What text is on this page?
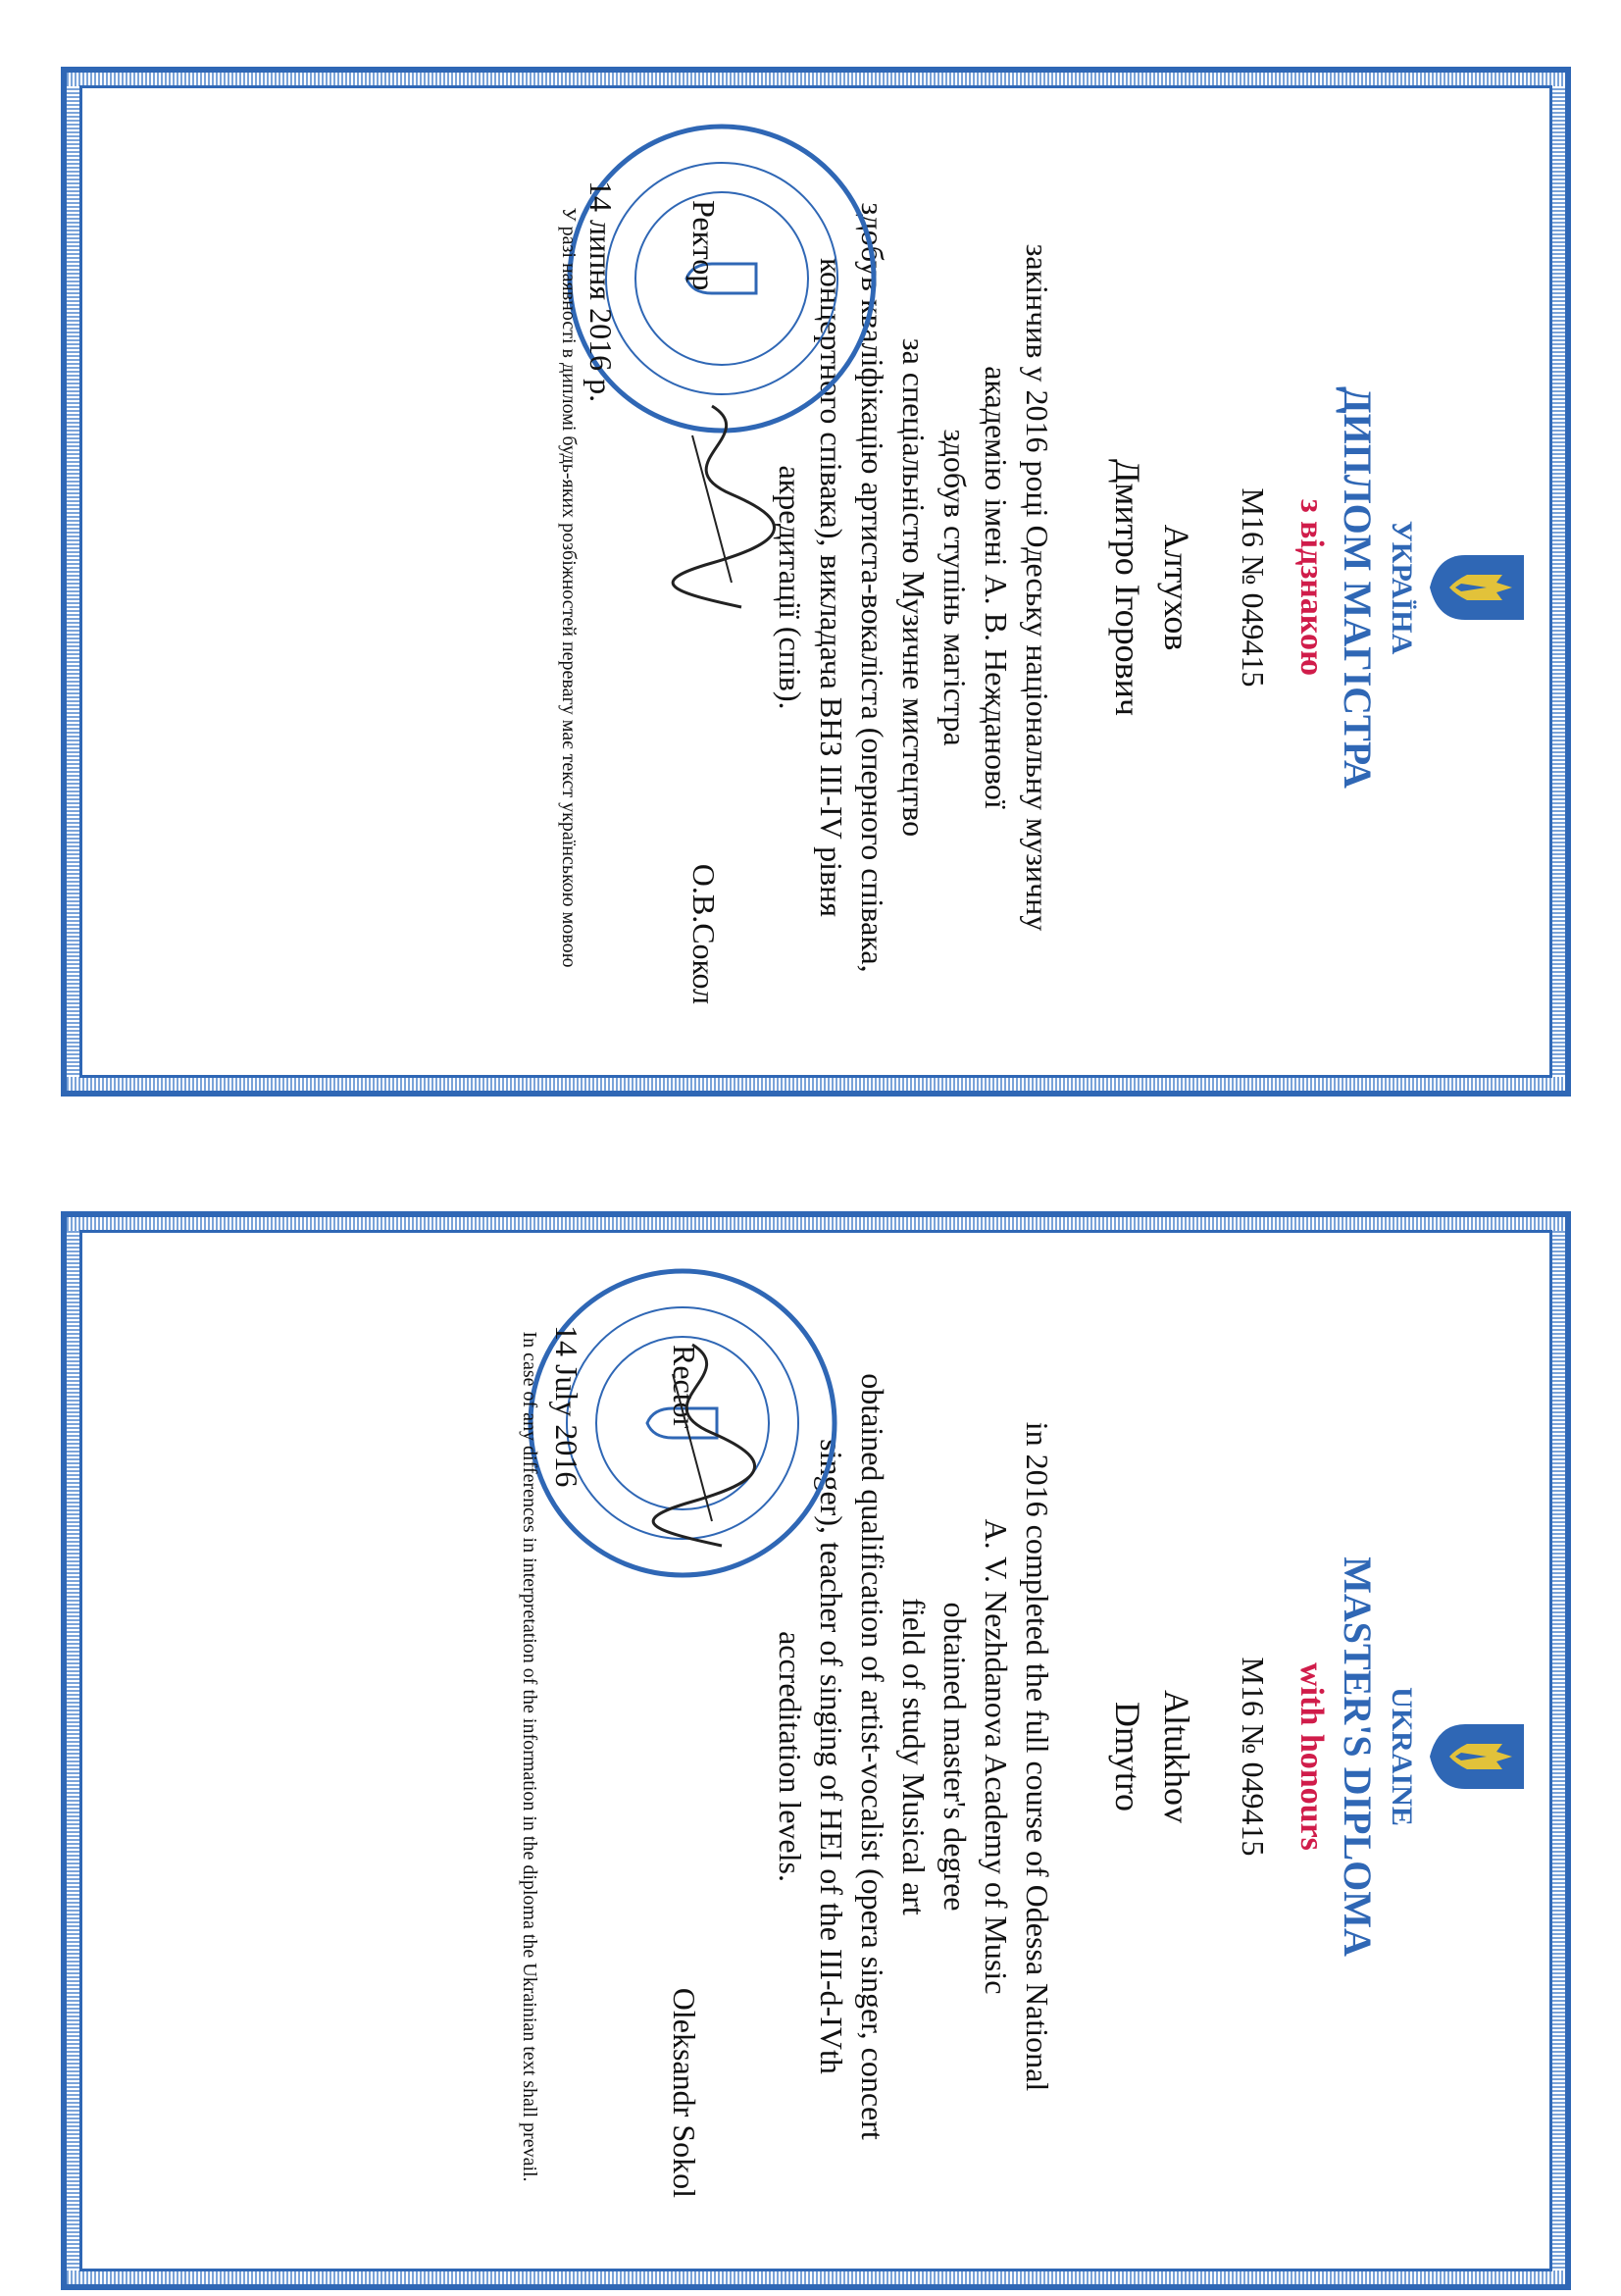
УКРАЇНА
ДИПЛОМ МАГІСТРА
з відзнакою
М16 № 049415
Алтухов
Дмитро Ігорович
закінчив у 2016 році Одеську національну музичну
академію імені А. В. Нежданової
здобув ступінь магістра
за спеціальністю Музичне мистецтво
здобув кваліфікацію артиста-вокаліста (оперного співака,
концертного співака), викладача ВНЗ ІІІ-ІV рівня
акредитації (спів).
Ректор
О.В.Сокол
14 липня 2016 р.
У разі наявності в дипломі будь-яких розбіжностей перевагу має текст українською мовою
UKRAINE
MASTER'S DIPLOMA
with honours
M16 № 049415
Altukhov
Dmytro
in 2016 completed the full course of Odessa National
A. V. Nezhdanova Academy of Music
obtained master's degree
field of study Musical art
obtained qualification of artist-vocalist (opera singer, concert
singer), teacher of singing of HEI of the III-d-IVth
accreditation levels.
Rector
Oleksandr Sokol
14 July 2016
In case of any differences in interpretation of the information in the diploma the Ukrainian text shall prevail.
